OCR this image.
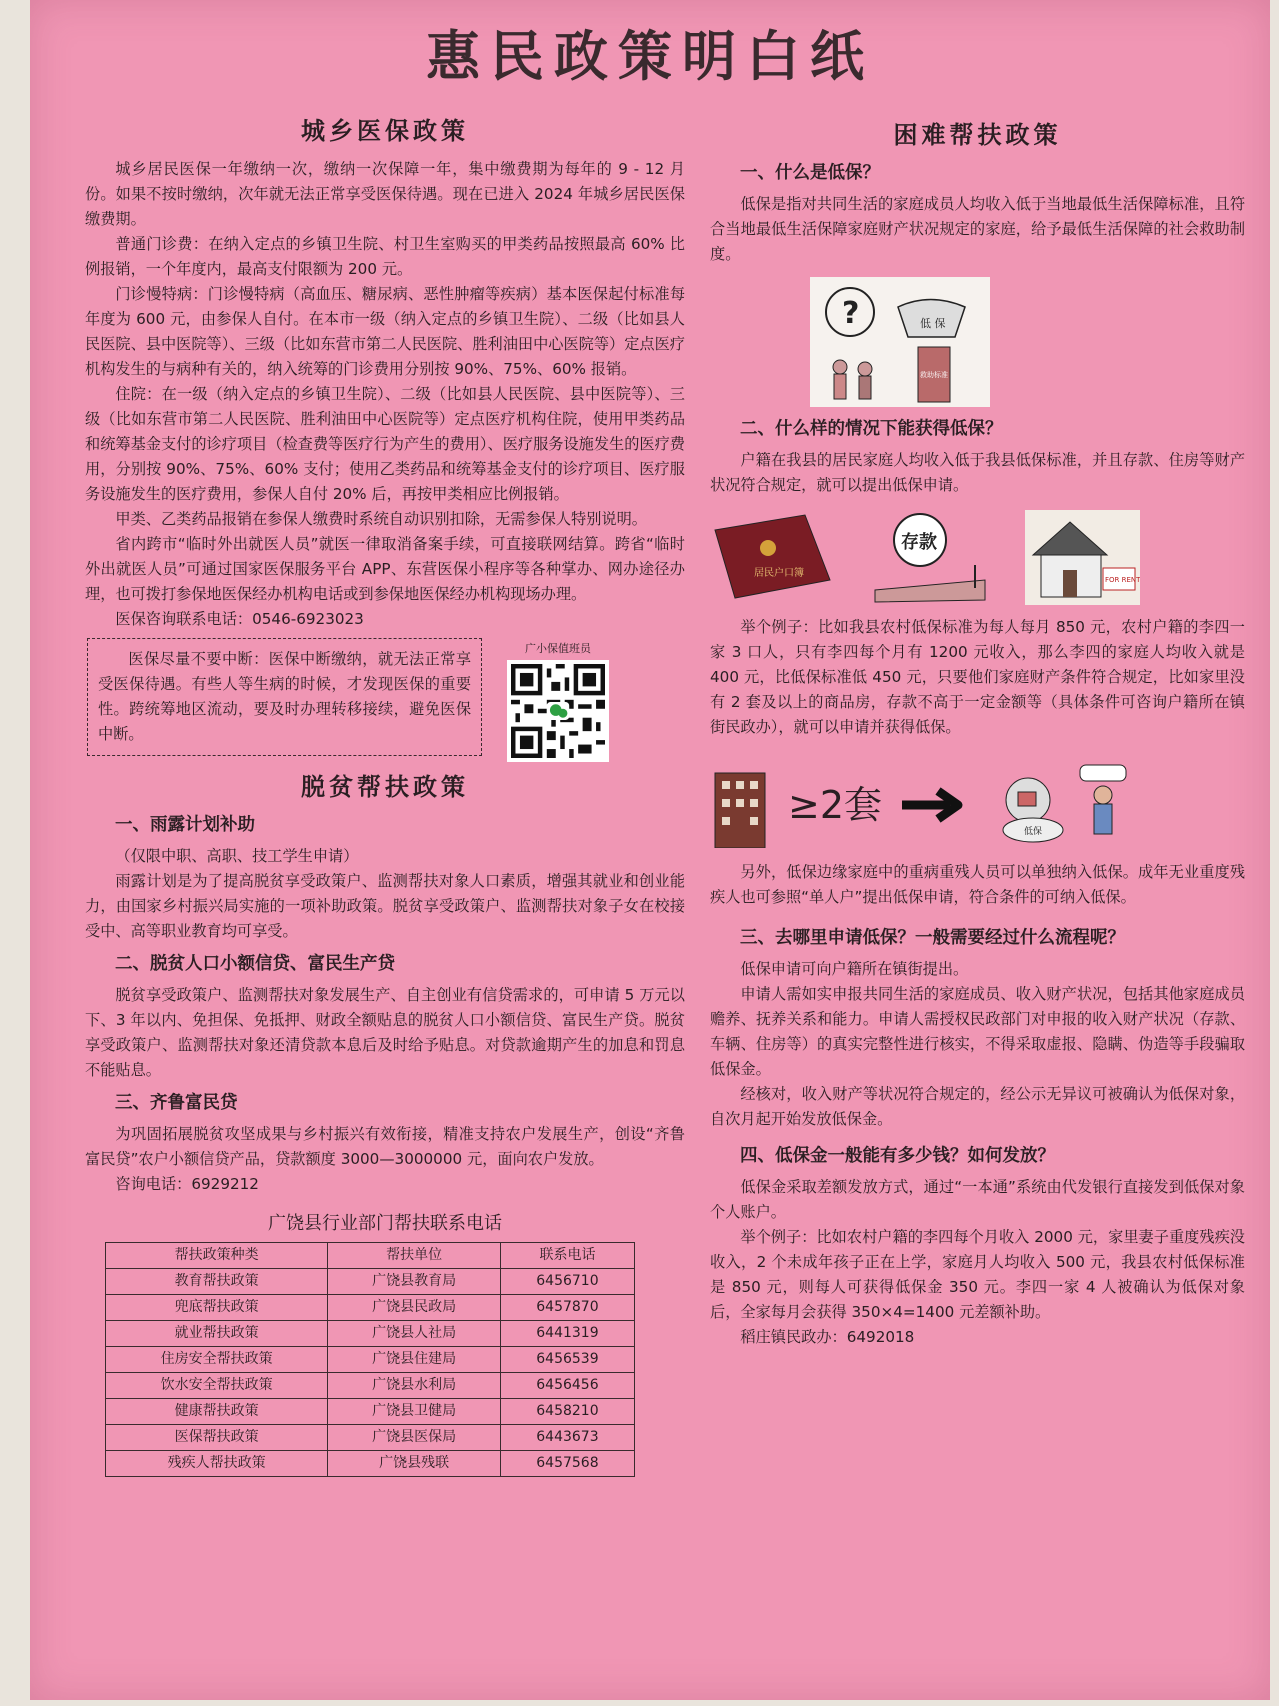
惠民政策明白纸
城乡医保政策

城乡居民医保一年缴纳一次，缴纳一次保障一年，集中缴费期为每年的 9 - 12 月份。如果不按时缴纳，次年就无法正常享受医保待遇。现在已进入 2024 年城乡居民医保缴费期。

普通门诊费：在纳入定点的乡镇卫生院、村卫生室购买的甲类药品按照最高 60% 比例报销，一个年度内，最高支付限额为 200 元。

门诊慢特病：门诊慢特病（高血压、糖尿病、恶性肿瘤等疾病）基本医保起付标准每年度为 600 元，由参保人自付。在本市一级（纳入定点的乡镇卫生院）、二级（比如县人民医院、县中医院等）、三级（比如东营市第二人民医院、胜利油田中心医院等）定点医疗机构发生的与病种有关的，纳入统筹的门诊费用分别按 90%、75%、60% 报销。

住院：在一级（纳入定点的乡镇卫生院）、二级（比如县人民医院、县中医院等）、三级（比如东营市第二人民医院、胜利油田中心医院等）定点医疗机构住院，使用甲类药品和统筹基金支付的诊疗项目（检查费等医疗行为产生的费用）、医疗服务设施发生的医疗费用，分别按 90%、75%、60% 支付；使用乙类药品和统筹基金支付的诊疗项目、医疗服务设施发生的医疗费用，参保人自付 20% 后，再按甲类相应比例报销。

甲类、乙类药品报销在参保人缴费时系统自动识别扣除，无需参保人特别说明。

省内跨市“临时外出就医人员”就医一律取消备案手续，可直接联网结算。跨省“临时外出就医人员”可通过国家医保服务平台 APP、东营医保小程序等各种掌办、网办途径办理，也可拨打参保地医保经办机构电话或到参保地医保经办机构现场办理。

医保咨询联系电话：0546-6923023

医保尽量不要中断：医保中断缴纳，就无法正常享受医保待遇。有些人等生病的时候，才发现医保的重要性。跨统筹地区流动，要及时办理转移接续，避免医保中断。

脱贫帮扶政策
一、雨露计划补助

（仅限中职、高职、技工学生申请）

雨露计划是为了提高脱贫享受政策户、监测帮扶对象人口素质，增强其就业和创业能力，由国家乡村振兴局实施的一项补助政策。脱贫享受政策户、监测帮扶对象子女在校接受中、高等职业教育均可享受。

二、脱贫人口小额信贷、富民生产贷

脱贫享受政策户、监测帮扶对象发展生产、自主创业有信贷需求的，可申请 5 万元以下、3 年以内、免担保、免抵押、财政全额贴息的脱贫人口小额信贷、富民生产贷。脱贫享受政策户、监测帮扶对象还清贷款本息后及时给予贴息。对贷款逾期产生的加息和罚息不能贴息。

三、齐鲁富民贷

为巩固拓展脱贫攻坚成果与乡村振兴有效衔接，精准支持农户发展生产，创设“齐鲁富民贷”农户小额信贷产品，贷款额度 3000—3000000 元，面向农户发放。

咨询电话：6929212

广饶县行业部门帮扶联系电话
帮扶政策种类	帮扶单位	联系电话
教育帮扶政策	广饶县教育局	6456710
兜底帮扶政策	广饶县民政局	6457870
就业帮扶政策	广饶县人社局	6441319
住房安全帮扶政策	广饶县住建局	6456539
饮水安全帮扶政策	广饶县水利局	6456456
健康帮扶政策	广饶县卫健局	6458210
医保帮扶政策	广饶县医保局	6443673
残疾人帮扶政策	广饶县残联	6457568
广小保值班员
困难帮扶政策
一、什么是低保？

低保是指对共同生活的家庭成员人均收入低于当地最低生活保障标准，且符合当地最低生活保障家庭财产状况规定的家庭，给予最低生活保障的社会救助制度。

?	低 保
救助标准
二、什么样的情况下能获得低保？

户籍在我县的居民家庭人均收入低于我县低保标准，并且存款、住房等财产状况符合规定，就可以提出低保申请。

居民户口簿
存款
FOR RENT

举个例子：比如我县农村低保标准为每人每月 850 元，农村户籍的李四一家 3 口人，只有李四每个月有 1200 元收入，那么李四的家庭人均收入就是 400 元，比低保标准低 450 元，只要他们家庭财产条件符合规定，比如家里没有 2 套及以上的商品房，存款不高于一定金额等（具体条件可咨询户籍所在镇街民政办），就可以申请并获得低保。

≥2套
低保

另外，低保边缘家庭中的重病重残人员可以单独纳入低保。成年无业重度残疾人也可参照“单人户”提出低保申请，符合条件的可纳入低保。

三、去哪里申请低保？一般需要经过什么流程呢？

低保申请可向户籍所在镇街提出。

申请人需如实申报共同生活的家庭成员、收入财产状况，包括其他家庭成员赡养、抚养关系和能力。申请人需授权民政部门对申报的收入财产状况（存款、车辆、住房等）的真实完整性进行核实，不得采取虚报、隐瞒、伪造等手段骗取低保金。

经核对，收入财产等状况符合规定的，经公示无异议可被确认为低保对象，自次月起开始发放低保金。

四、低保金一般能有多少钱？如何发放？

低保金采取差额发放方式，通过“一本通”系统由代发银行直接发到低保对象个人账户。

举个例子：比如农村户籍的李四每个月收入 2000 元，家里妻子重度残疾没收入，2 个未成年孩子正在上学，家庭月人均收入 500 元，我县农村低保标准是 850 元，则每人可获得低保金 350 元。李四一家 4 人被确认为低保对象后，全家每月会获得 350×4=1400 元差额补助。

稻庄镇民政办：6492018
